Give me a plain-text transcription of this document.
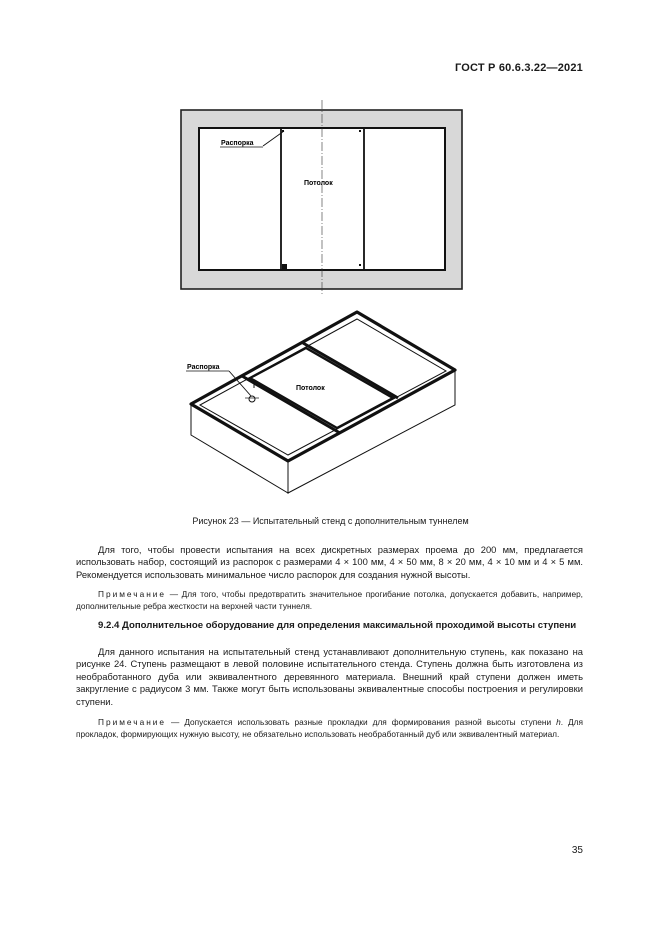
ГОСТ Р 60.6.3.22—2021
Распорка
Потолок
Распорка
Потолок
Рисунок 23 — Испытательный стенд с дополнительным туннелем
Для того, чтобы провести испытания на всех дискретных размерах проема до 200 мм, предлагается использовать набор, состоящий из распорок с размерами 4 × 100 мм, 4 × 50 мм, 8 × 20 мм, 4 × 10 мм и 4 × 5 мм. Рекомендуется использовать минимальное число распорок для создания нужной высоты.
Примечание — Для того, чтобы предотвратить значительное прогибание потолка, допускается добавить, например, дополнительные ребра жесткости на верхней части туннеля.
9.2.4 Дополнительное оборудование для определения максимальной проходимой высоты ступени
Для данного испытания на испытательный стенд устанавливают дополнительную ступень, как показано на рисунке 24. Ступень размещают в левой половине испытательного стенда. Ступень должна быть изготовлена из необработанного дуба или эквивалентного деревянного материала. Внешний край ступени должен иметь закругление с радиусом 3 мм. Также могут быть использованы эквивалентные способы построения и регулировки ступени.
Примечание — Допускается использовать разные прокладки для формирования разной высоты ступени h. Для прокладок, формирующих нужную высоту, не обязательно использовать необработанный дуб или эквивалентный материал.
35
